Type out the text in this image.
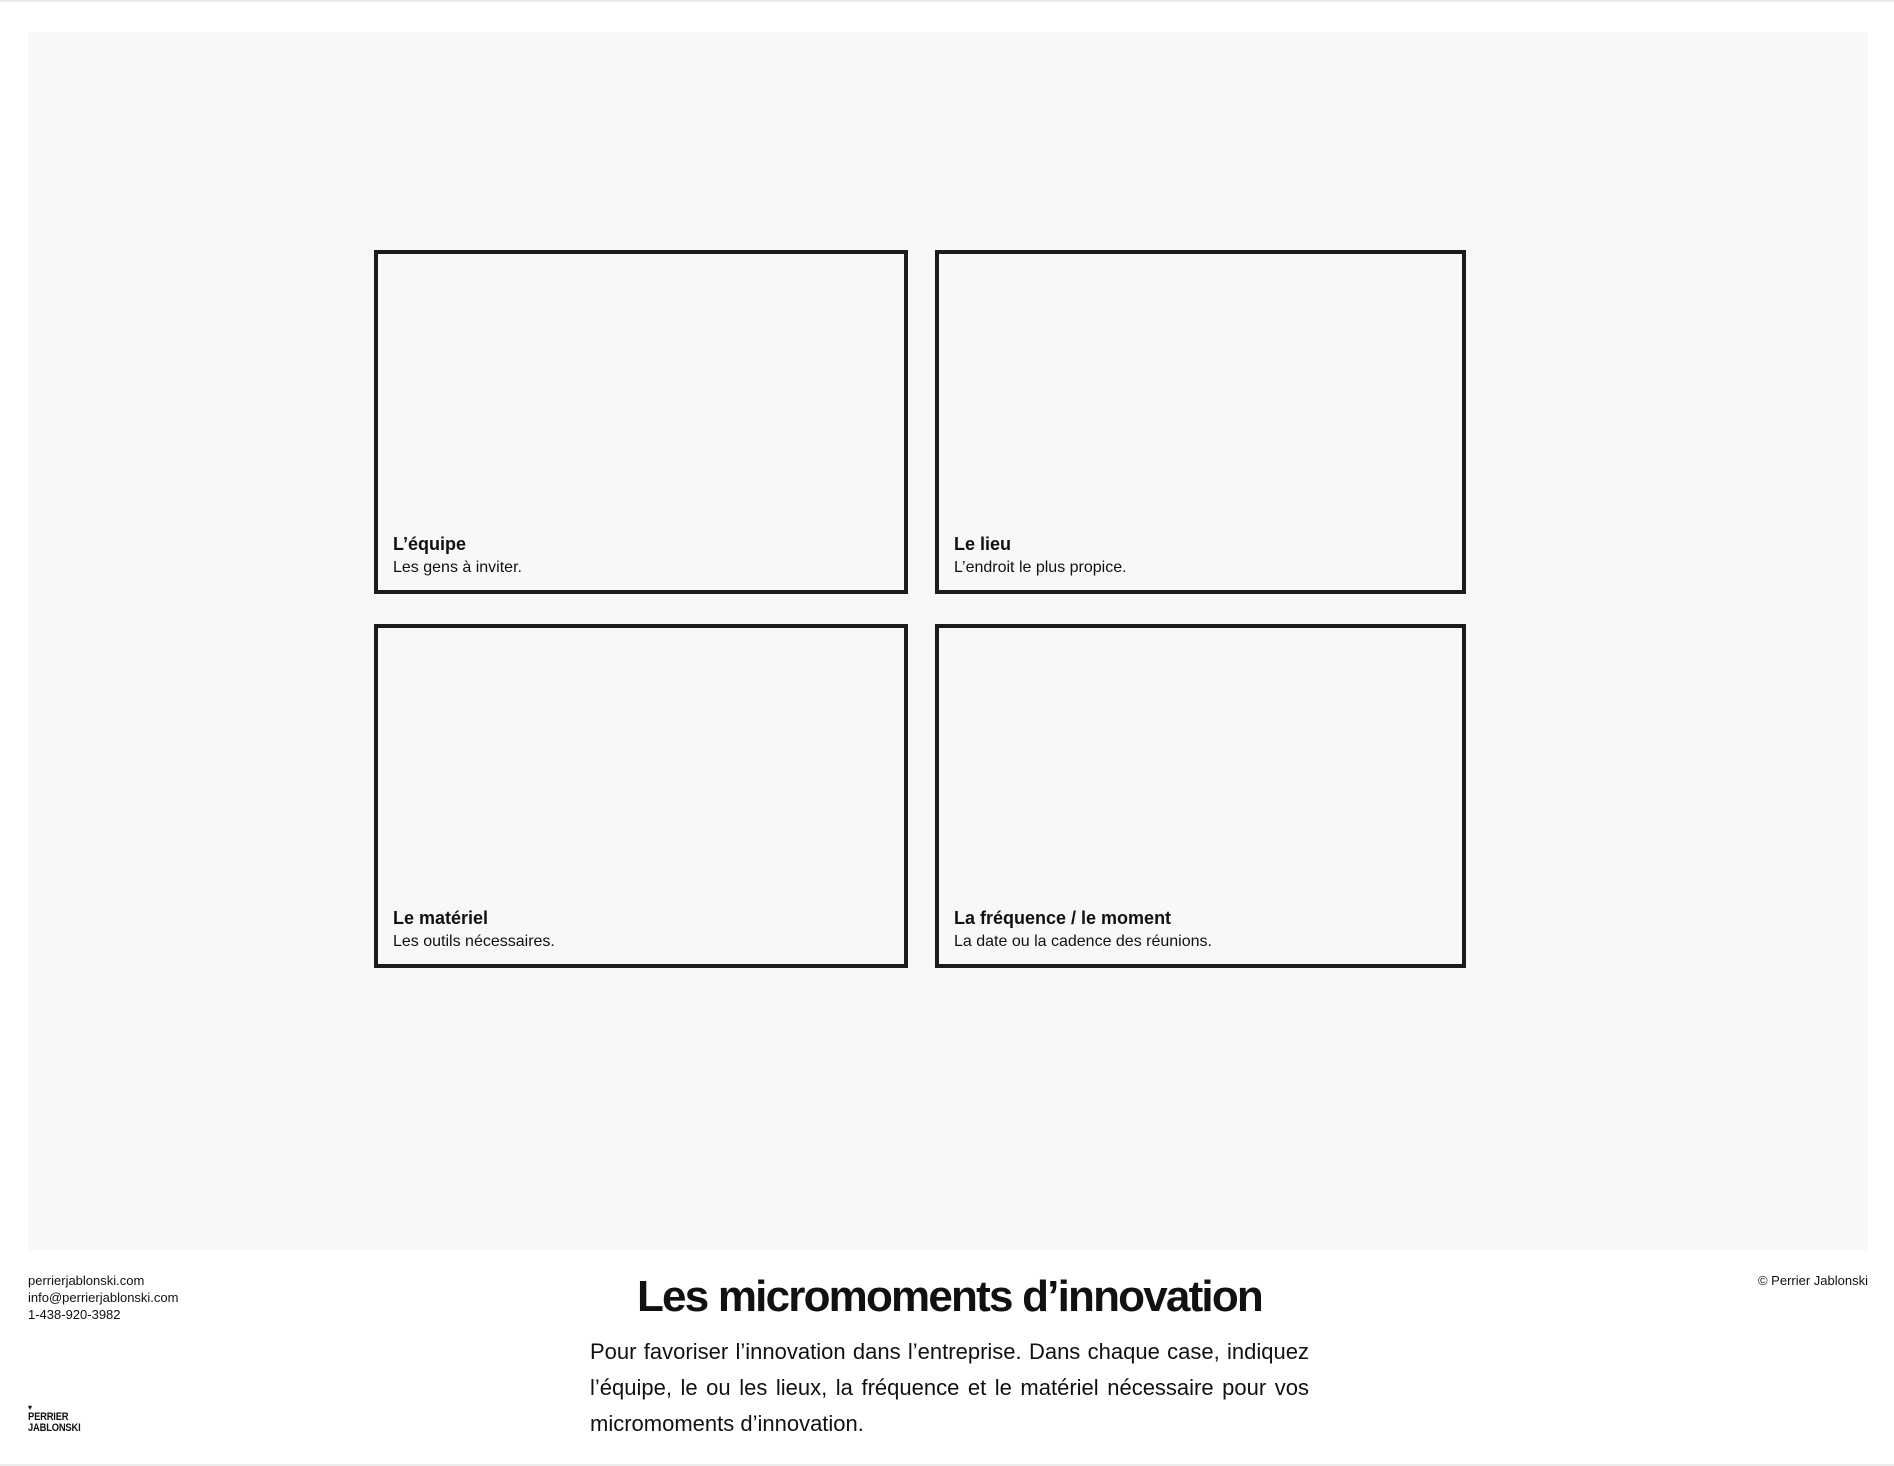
L’équipe
Les gens à inviter.
Le lieu
L’endroit le plus propice.
Le matériel
Les outils nécessaires.
La fréquence / le moment
La date ou la cadence des réunions.
perrierjablonski.com
info@perrierjablonski.com
1-438-920-3982
© Perrier Jablonski
♥
PERRIER
JABLONSKI
Les micromoments d’innovation

Pour favoriser l’innovation dans l’entreprise. Dans chaque case, indiquez l’équipe, le ou les lieux, la fréquence et le matériel nécessaire pour vos micromoments d’innovation.
